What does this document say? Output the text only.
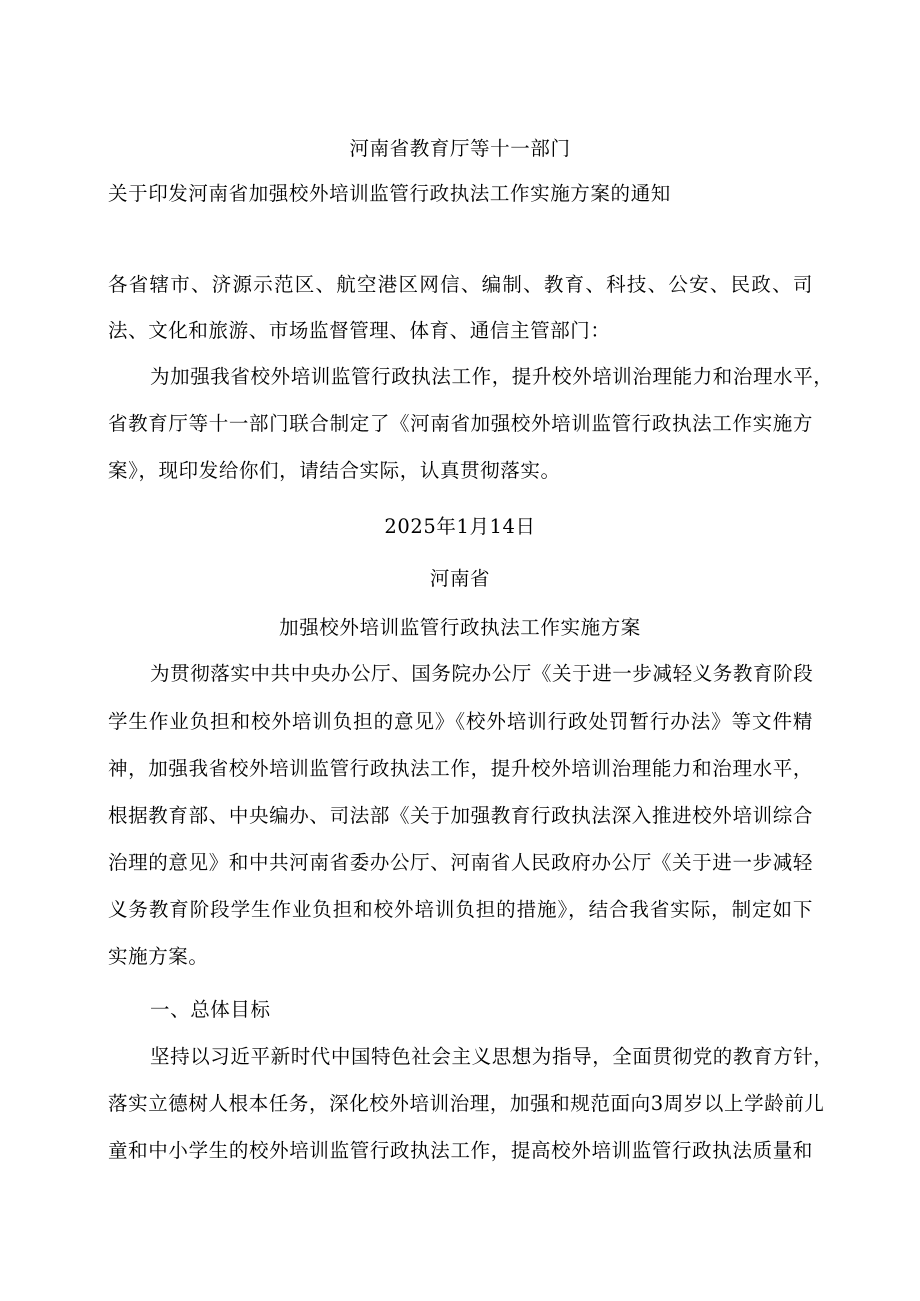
河南省教育厅等十一部门
关于印发河南省加强校外培训监管行政执法工作实施方案的通知
各省辖市、济源示范区、航空港区网信、编制、教育、科技、公安、民政、司
法、文化和旅游、市场监督管理、体育、通信主管部门：
为加强我省校外培训监管行政执法工作，提升校外培训治理能力和治理水平，
省教育厅等十一部门联合制定了《河南省加强校外培训监管行政执法工作实施方
案》，现印发给你们，请结合实际，认真贯彻落实。
2025年1月14日
河南省
加强校外培训监管行政执法工作实施方案
为贯彻落实中共中央办公厅、国务院办公厅《关于进一步减轻义务教育阶段
学生作业负担和校外培训负担的意见》《校外培训行政处罚暂行办法》等文件精
神，加强我省校外培训监管行政执法工作，提升校外培训治理能力和治理水平，
根据教育部、中央编办、司法部《关于加强教育行政执法深入推进校外培训综合
治理的意见》和中共河南省委办公厅、河南省人民政府办公厅《关于进一步减轻
义务教育阶段学生作业负担和校外培训负担的措施》，结合我省实际，制定如下
实施方案。
一、总体目标
坚持以习近平新时代中国特色社会主义思想为指导，全面贯彻党的教育方针，
落实立德树人根本任务，深化校外培训治理，加强和规范面向3周岁以上学龄前儿
童和中小学生的校外培训监管行政执法工作，提高校外培训监管行政执法质量和
